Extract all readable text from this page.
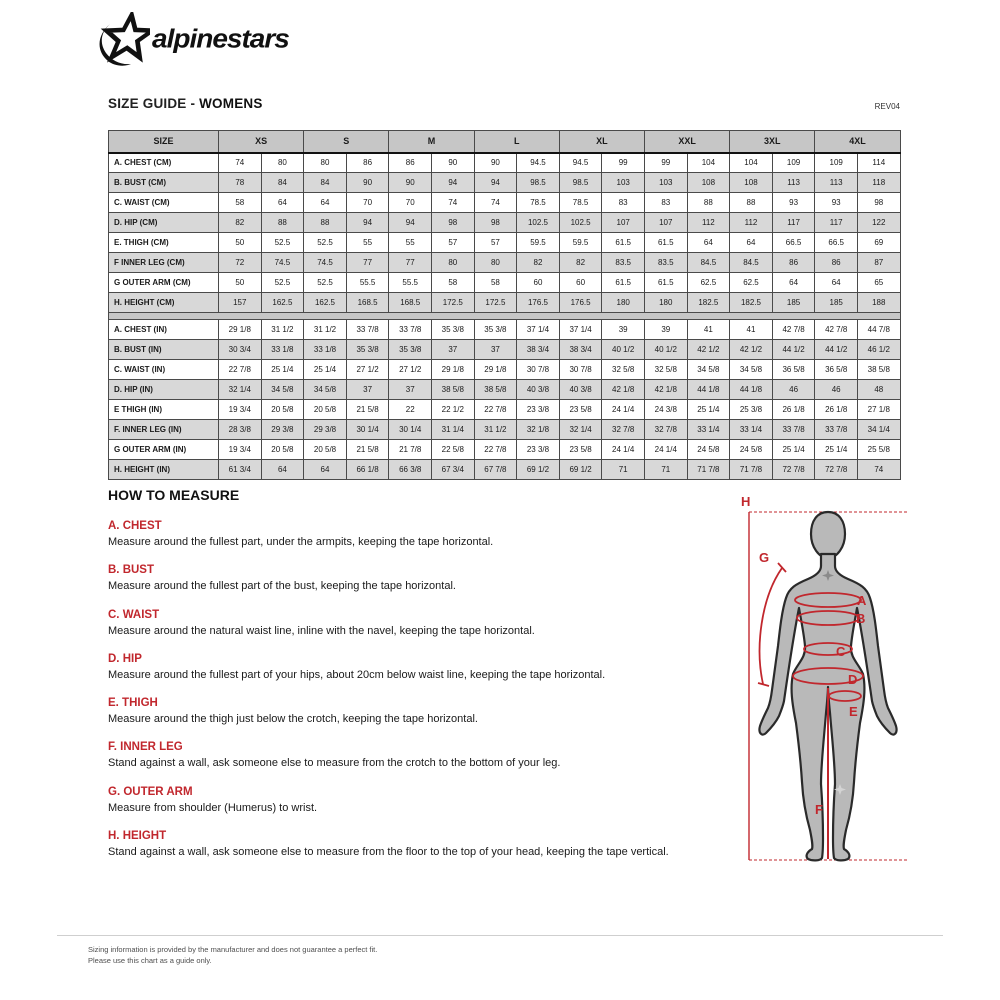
alpinestars
SIZE GUIDE - WOMENS	REV04
SIZE	XS		S		M		L		XL		XXL		3XL		4XL	
A. CHEST (CM)	74	80	80	86	86	90	90	94.5	94.5	99	99	104	104	109	109	114
B. BUST (CM)	78	84	84	90	90	94	94	98.5	98.5	103	103	108	108	113	113	118
C. WAIST (CM)	58	64	64	70	70	74	74	78.5	78.5	83	83	88	88	93	93	98
D. HIP (CM)	82	88	88	94	94	98	98	102.5	102.5	107	107	112	112	117	117	122
E. THIGH (CM)	50	52.5	52.5	55	55	57	57	59.5	59.5	61.5	61.5	64	64	66.5	66.5	69
F INNER LEG (CM)	72	74.5	74.5	77	77	80	80	82	82	83.5	83.5	84.5	84.5	86	86	87
G OUTER ARM (CM)	50	52.5	52.5	55.5	55.5	58	58	60	60	61.5	61.5	62.5	62.5	64	64	65
H. HEIGHT (CM)	157	162.5	162.5	168.5	168.5	172.5	172.5	176.5	176.5	180	180	182.5	182.5	185	185	188

A. CHEST (IN)	29 1/8	31 1/2	31 1/2	33 7/8	33 7/8	35 3/8	35 3/8	37 1/4	37 1/4	39	39	41	41	42 7/8	42 7/8	44 7/8
B. BUST (IN)	30 3/4	33 1/8	33 1/8	35 3/8	35 3/8	37	37	38 3/4	38 3/4	40 1/2	40 1/2	42 1/2	42 1/2	44 1/2	44 1/2	46 1/2
C. WAIST (IN)	22 7/8	25 1/4	25 1/4	27 1/2	27 1/2	29 1/8	29 1/8	30 7/8	30 7/8	32 5/8	32 5/8	34 5/8	34 5/8	36 5/8	36 5/8	38 5/8
D. HIP (IN)	32 1/4	34 5/8	34 5/8	37	37	38 5/8	38 5/8	40 3/8	40 3/8	42 1/8	42 1/8	44 1/8	44 1/8	46	46	48
E THIGH (IN)	19 3/4	20 5/8	20 5/8	21 5/8	22	22 1/2	22 7/8	23 3/8	23 5/8	24 1/4	24 3/8	25 1/4	25 3/8	26 1/8	26 1/8	27 1/8
F. INNER LEG (IN)	28 3/8	29 3/8	29 3/8	30 1/4	30 1/4	31 1/4	31 1/2	32 1/8	32 1/4	32 7/8	32 7/8	33 1/4	33 1/4	33 7/8	33 7/8	34 1/4
G OUTER ARM (IN)	19 3/4	20 5/8	20 5/8	21 5/8	21 7/8	22 5/8	22 7/8	23 3/8	23 5/8	24 1/4	24 1/4	24 5/8	24 5/8	25 1/4	25 1/4	25 5/8
H. HEIGHT (IN)	61 3/4	64	64	66 1/8	66 3/8	67 3/4	67 7/8	69 1/2	69 1/2	71	71	71 7/8	71 7/8	72 7/8	72 7/8	74
HOW TO MEASURE
A. CHEST
Measure around the fullest part, under the armpits, keeping the tape horizontal.
B. BUST
Measure around the fullest part of the bust, keeping the tape horizontal.
C. WAIST
Measure around the natural waist line, inline with the navel, keeping the tape horizontal.
D. HIP
Measure around the fullest part of your hips, about 20cm below waist line, keeping the tape horizontal.
E. THIGH
Measure around the thigh just below the crotch, keeping the tape horizontal.
F. INNER LEG
Stand against a wall, ask someone else to measure from the crotch to the bottom of your leg.
G. OUTER ARM
Measure from shoulder (Humerus) to wrist.
H. HEIGHT
Stand against a wall, ask someone else to measure from the floor to the top of your head, keeping the tape vertical.
H
G
A
B
C
D
E
F
Sizing information is provided by the manufacturer and does not guarantee a perfect fit.
Please use this chart as a guide only.
